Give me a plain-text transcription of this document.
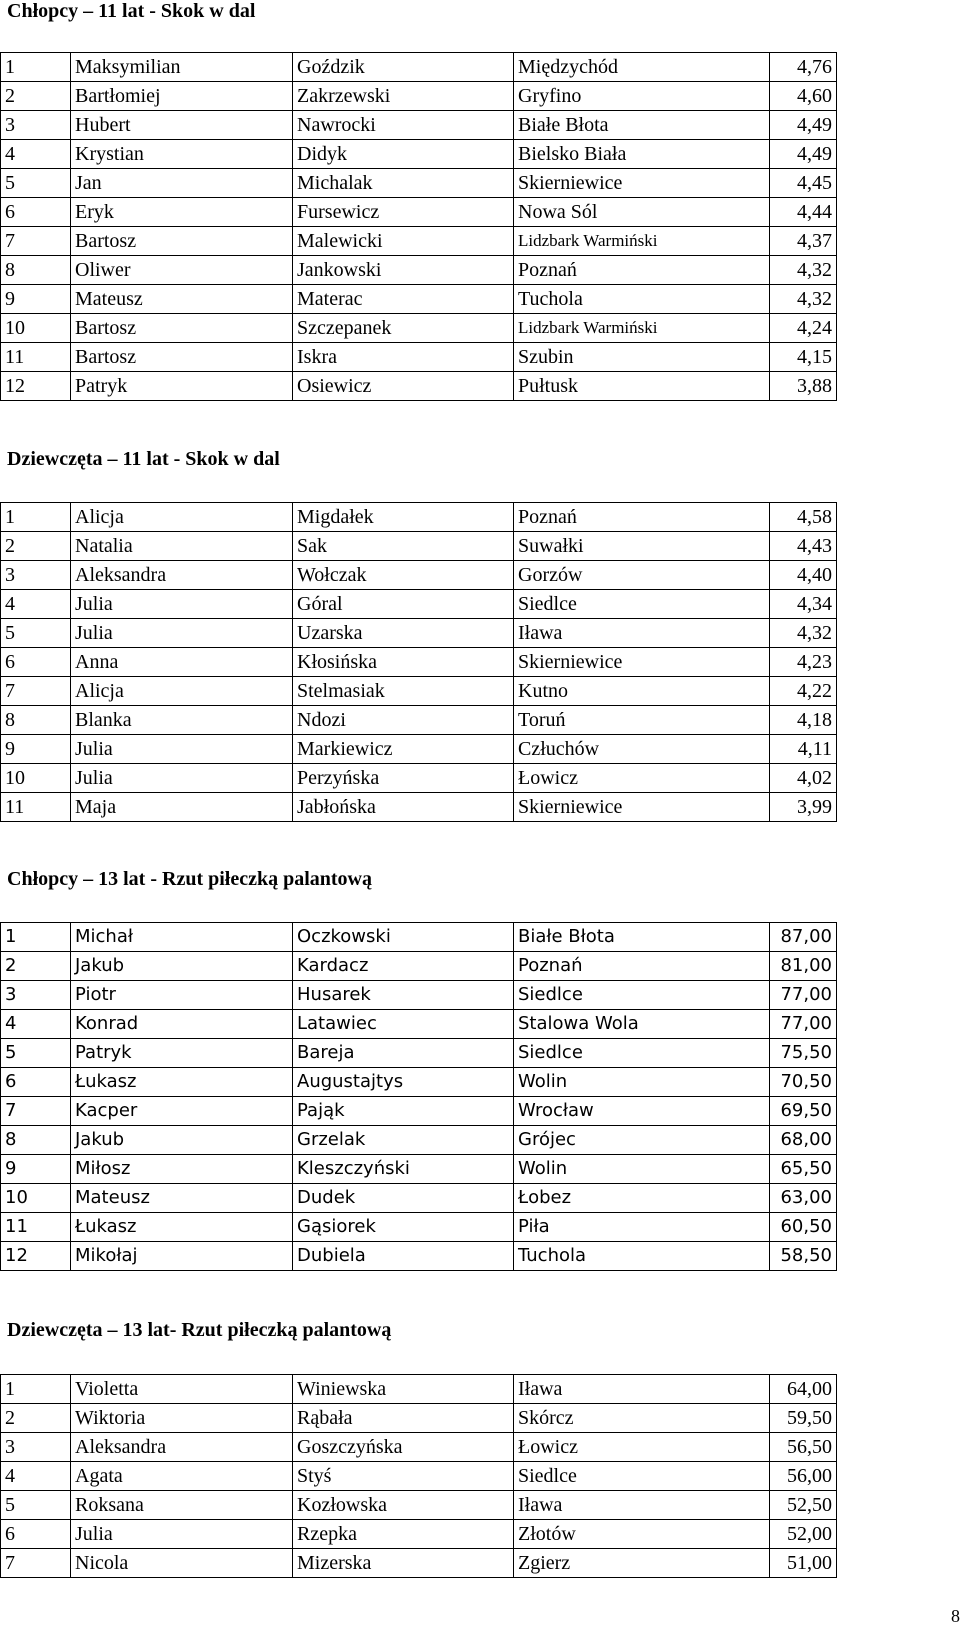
Chłopcy – 11 lat - Skok w dal
1	Maksymilian	Goździk	Międzychód	4,76
2	Bartłomiej	Zakrzewski	Gryfino	4,60
3	Hubert	Nawrocki	Białe Błota	4,49
4	Krystian	Didyk	Bielsko Biała	4,49
5	Jan	Michalak	Skierniewice	4,45
6	Eryk	Fursewicz	Nowa Sól	4,44
7	Bartosz	Malewicki	Lidzbark Warmiński	4,37
8	Oliwer	Jankowski	Poznań	4,32
9	Mateusz	Materac	Tuchola	4,32
10	Bartosz	Szczepanek	Lidzbark Warmiński	4,24
11	Bartosz	Iskra	Szubin	4,15
12	Patryk	Osiewicz	Pułtusk	3,88
Dziewczęta – 11 lat - Skok w dal
1	Alicja	Migdałek	Poznań	4,58
2	Natalia	Sak	Suwałki	4,43
3	Aleksandra	Wołczak	Gorzów	4,40
4	Julia	Góral	Siedlce	4,34
5	Julia	Uzarska	Iława	4,32
6	Anna	Kłosińska	Skierniewice	4,23
7	Alicja	Stelmasiak	Kutno	4,22
8	Blanka	Ndozi	Toruń	4,18
9	Julia	Markiewicz	Człuchów	4,11
10	Julia	Perzyńska	Łowicz	4,02
11	Maja	Jabłońska	Skierniewice	3,99
Chłopcy – 13 lat - Rzut piłeczką palantową
1	Michał	Oczkowski	Białe Błota	87,00
2	Jakub	Kardacz	Poznań	81,00
3	Piotr	Husarek	Siedlce	77,00
4	Konrad	Latawiec	Stalowa Wola	77,00
5	Patryk	Bareja	Siedlce	75,50
6	Łukasz	Augustajtys	Wolin	70,50
7	Kacper	Pająk	Wrocław	69,50
8	Jakub	Grzelak	Grójec	68,00
9	Miłosz	Kleszczyński	Wolin	65,50
10	Mateusz	Dudek	Łobez	63,00
11	Łukasz	Gąsiorek	Piła	60,50
12	Mikołaj	Dubiela	Tuchola	58,50
Dziewczęta – 13 lat- Rzut piłeczką palantową
1	Violetta	Winiewska	Iława	64,00
2	Wiktoria	Rąbała	Skórcz	59,50
3	Aleksandra	Goszczyńska	Łowicz	56,50
4	Agata	Styś	Siedlce	56,00
5	Roksana	Kozłowska	Iława	52,50
6	Julia	Rzepka	Złotów	52,00
7	Nicola	Mizerska	Zgierz	51,00
8
